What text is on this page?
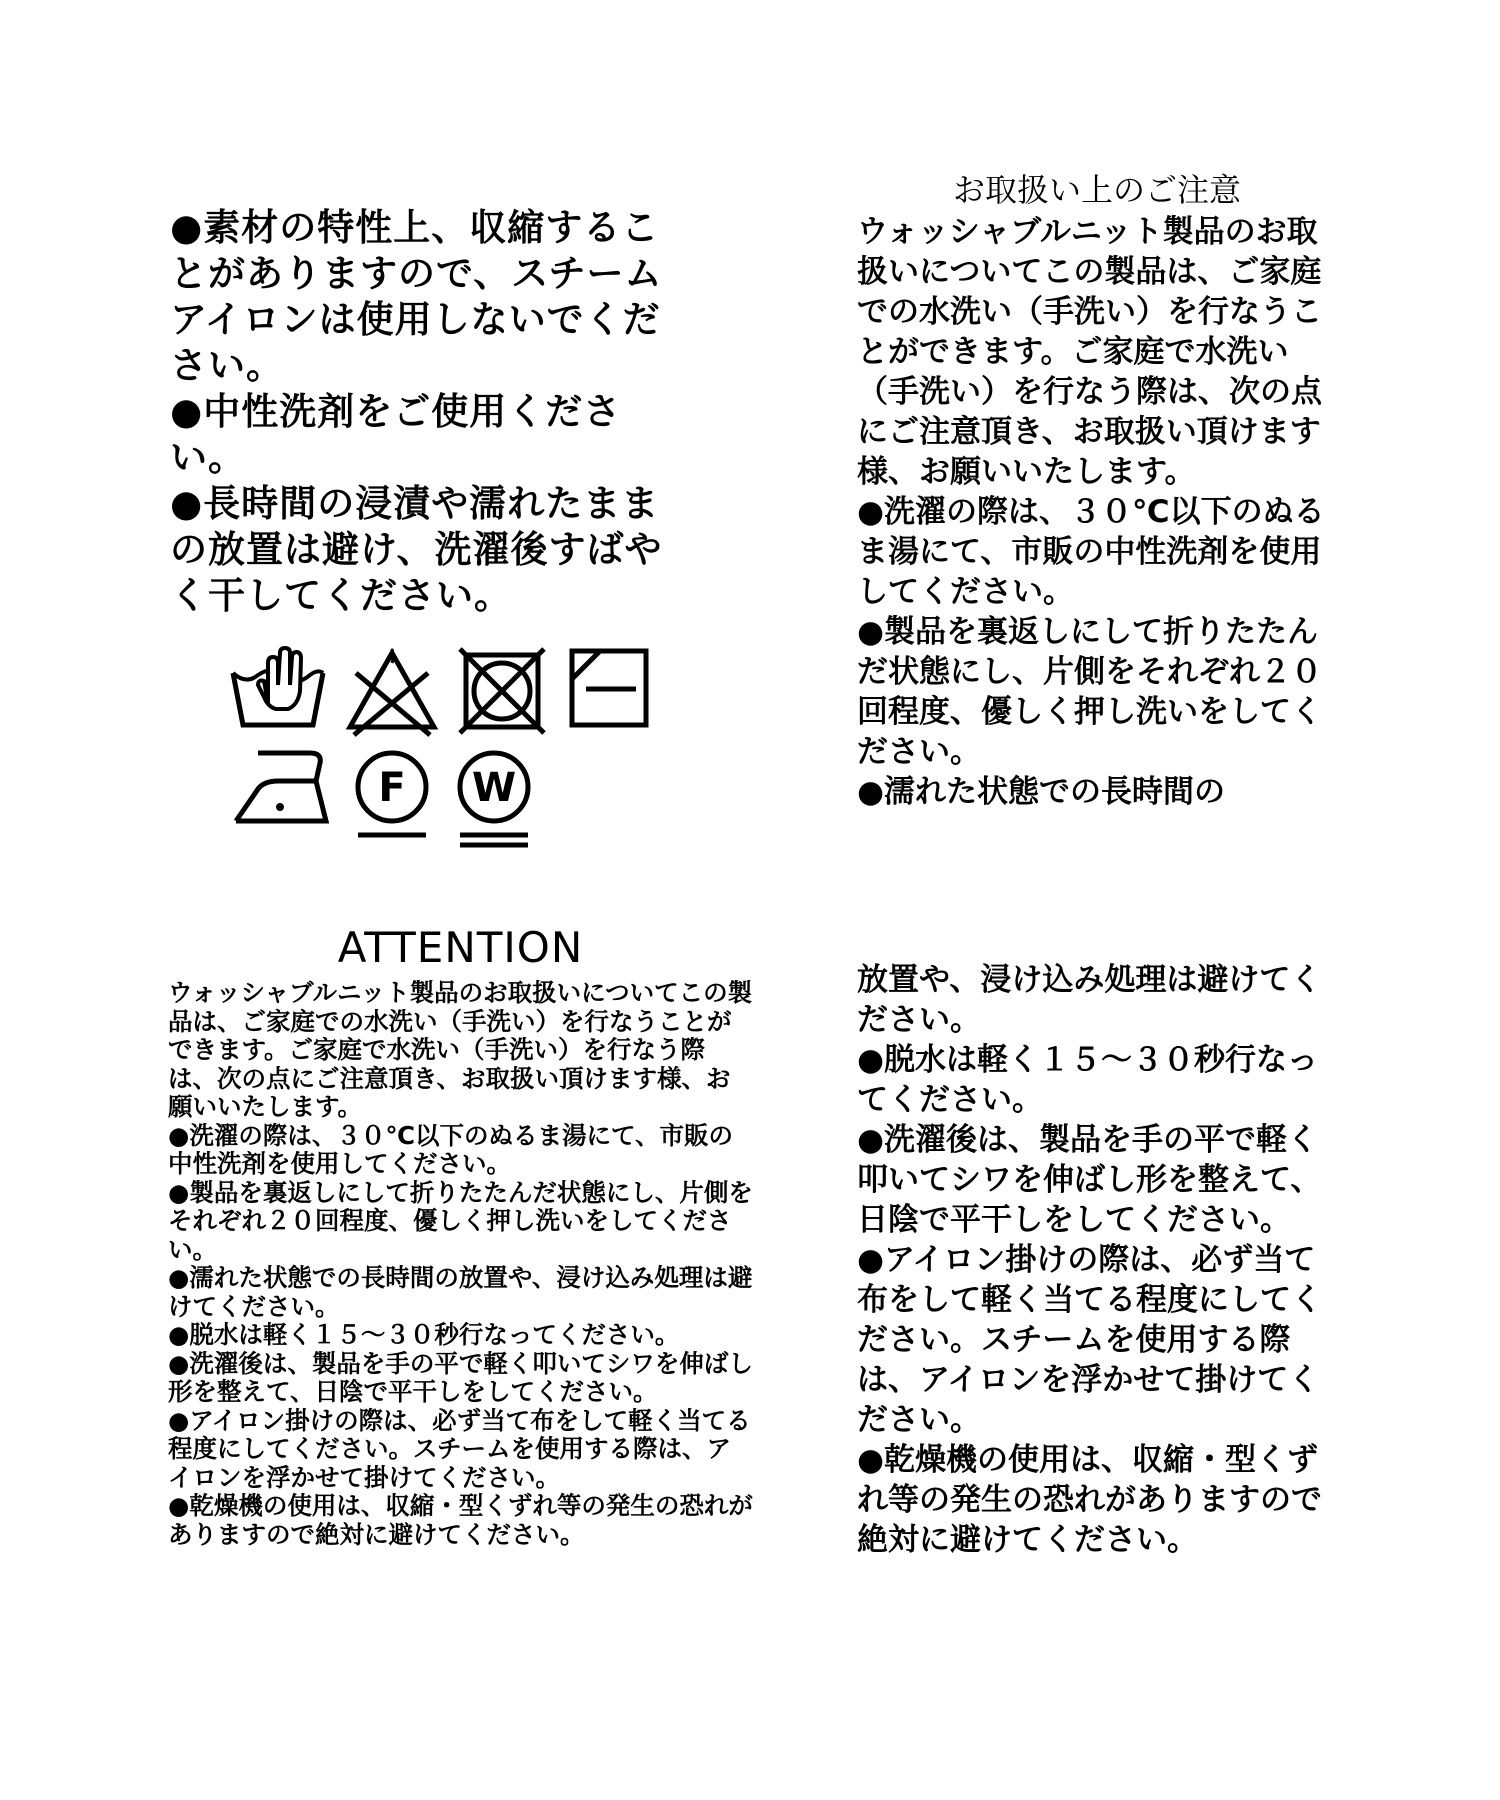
●素材の特性上、収縮することがありますので、スチームアイロンは使用しないでください。

●中性洗剤をご使用ください。

●長時間の浸漬や濡れたままの放置は避け、洗濯後すばやく干してください。

F W

お取扱い上のご注意

ウォッシャブルニット製品のお取扱いについてこの製品は、ご家庭での水洗い（手洗い）を行なうことができます。ご家庭で水洗い（手洗い）を行なう際は、次の点にご注意頂き、お取扱い頂けます様、お願いいたします。

●洗濯の際は、３０℃以下のぬるま湯にて、市販の中性洗剤を使用してください。

●製品を裏返しにして折りたたんだ状態にし、片側をそれぞれ２０回程度、優しく押し洗いをしてください。

●濡れた状態での長時間の

ATTENTION

ウォッシャブルニット製品のお取扱いについてこの製品は、ご家庭での水洗い（手洗い）を行なうことができます。ご家庭で水洗い（手洗い）を行なう際は、次の点にご注意頂き、お取扱い頂けます様、お願いいたします。

●洗濯の際は、３０℃以下のぬるま湯にて、市販の中性洗剤を使用してください。

●製品を裏返しにして折りたたんだ状態にし、片側をそれぞれ２０回程度、優しく押し洗いをしてください。

●濡れた状態での長時間の放置や、浸け込み処理は避けてください。

●脱水は軽く１５～３０秒行なってください。

●洗濯後は、製品を手の平で軽く叩いてシワを伸ばし形を整えて、日陰で平干しをしてください。

●アイロン掛けの際は、必ず当て布をして軽く当てる程度にしてください。スチームを使用する際は、アイロンを浮かせて掛けてください。

●乾燥機の使用は、収縮・型くずれ等の発生の恐れがありますので絶対に避けてください。

放置や、浸け込み処理は避けてください。

●脱水は軽く１５～３０秒行なってください。

●洗濯後は、製品を手の平で軽く叩いてシワを伸ばし形を整えて、日陰で平干しをしてください。

●アイロン掛けの際は、必ず当て布をして軽く当てる程度にしてください。スチームを使用する際は、アイロンを浮かせて掛けてください。

●乾燥機の使用は、収縮・型くずれ等の発生の恐れがありますので絶対に避けてください。
